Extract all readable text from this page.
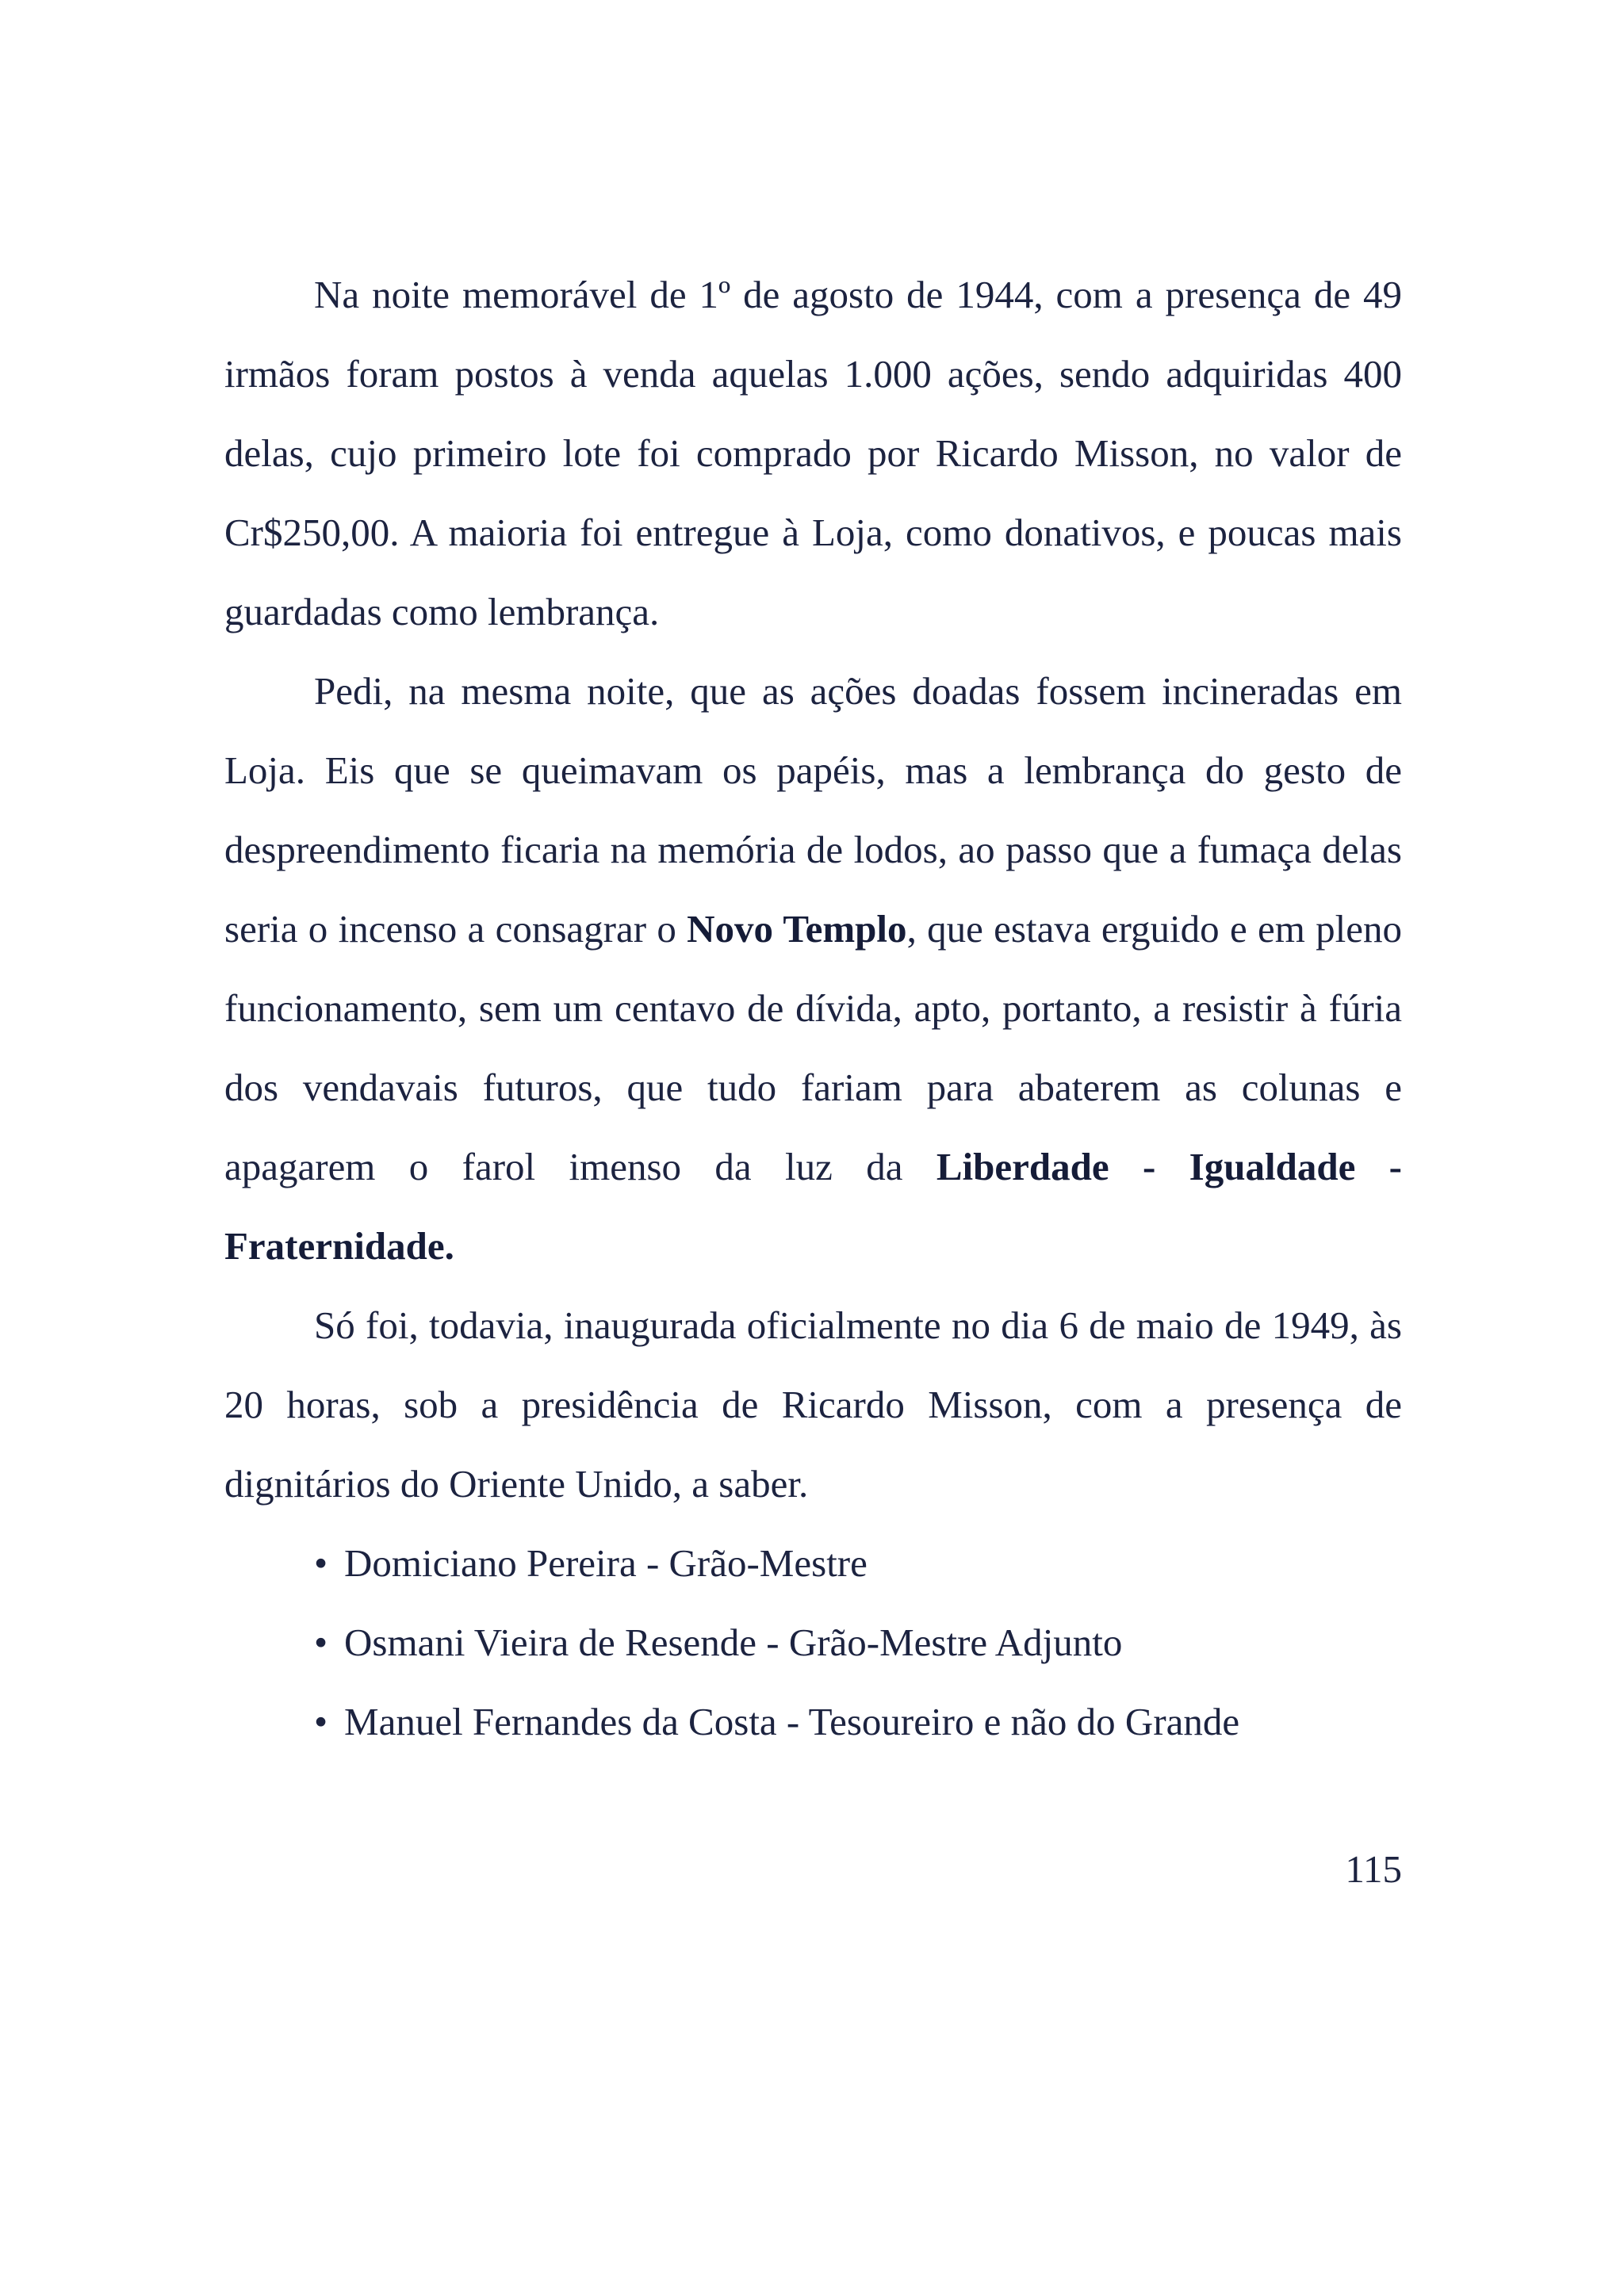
Na noite memorável de 1º de agosto de 1944, com a presença de 49 irmãos foram postos à venda aquelas 1.000 ações, sendo adquiridas 400 delas, cujo primeiro lote foi comprado por Ricardo Misson, no valor de Cr$250,00. A maioria foi entregue à Loja, como donativos, e poucas mais guardadas como lembrança.

Pedi, na mesma noite, que as ações doadas fossem incineradas em Loja. Eis que se queimavam os papéis, mas a lembrança do gesto de despreendimento ficaria na memória de lodos, ao passo que a fumaça delas seria o incenso a consagrar o Novo Templo, que estava erguido e em pleno funcionamento, sem um centavo de dívida, apto, portanto, a resistir à fúria dos vendavais futuros, que tudo fariam para abaterem as colunas e apagarem o farol imenso da luz da Liberdade - Igualdade - Fraternidade.

Só foi, todavia, inaugurada oficialmente no dia 6 de maio de 1949, às 20 horas, sob a presidência de Ricardo Misson, com a presença de dignitários do Oriente Unido, a saber.

• Domiciano Pereira - Grão-Mestre
• Osmani Vieira de Resende - Grão-Mestre Adjunto
• Manuel Fernandes da Costa - Tesoureiro e não do Grande
115
